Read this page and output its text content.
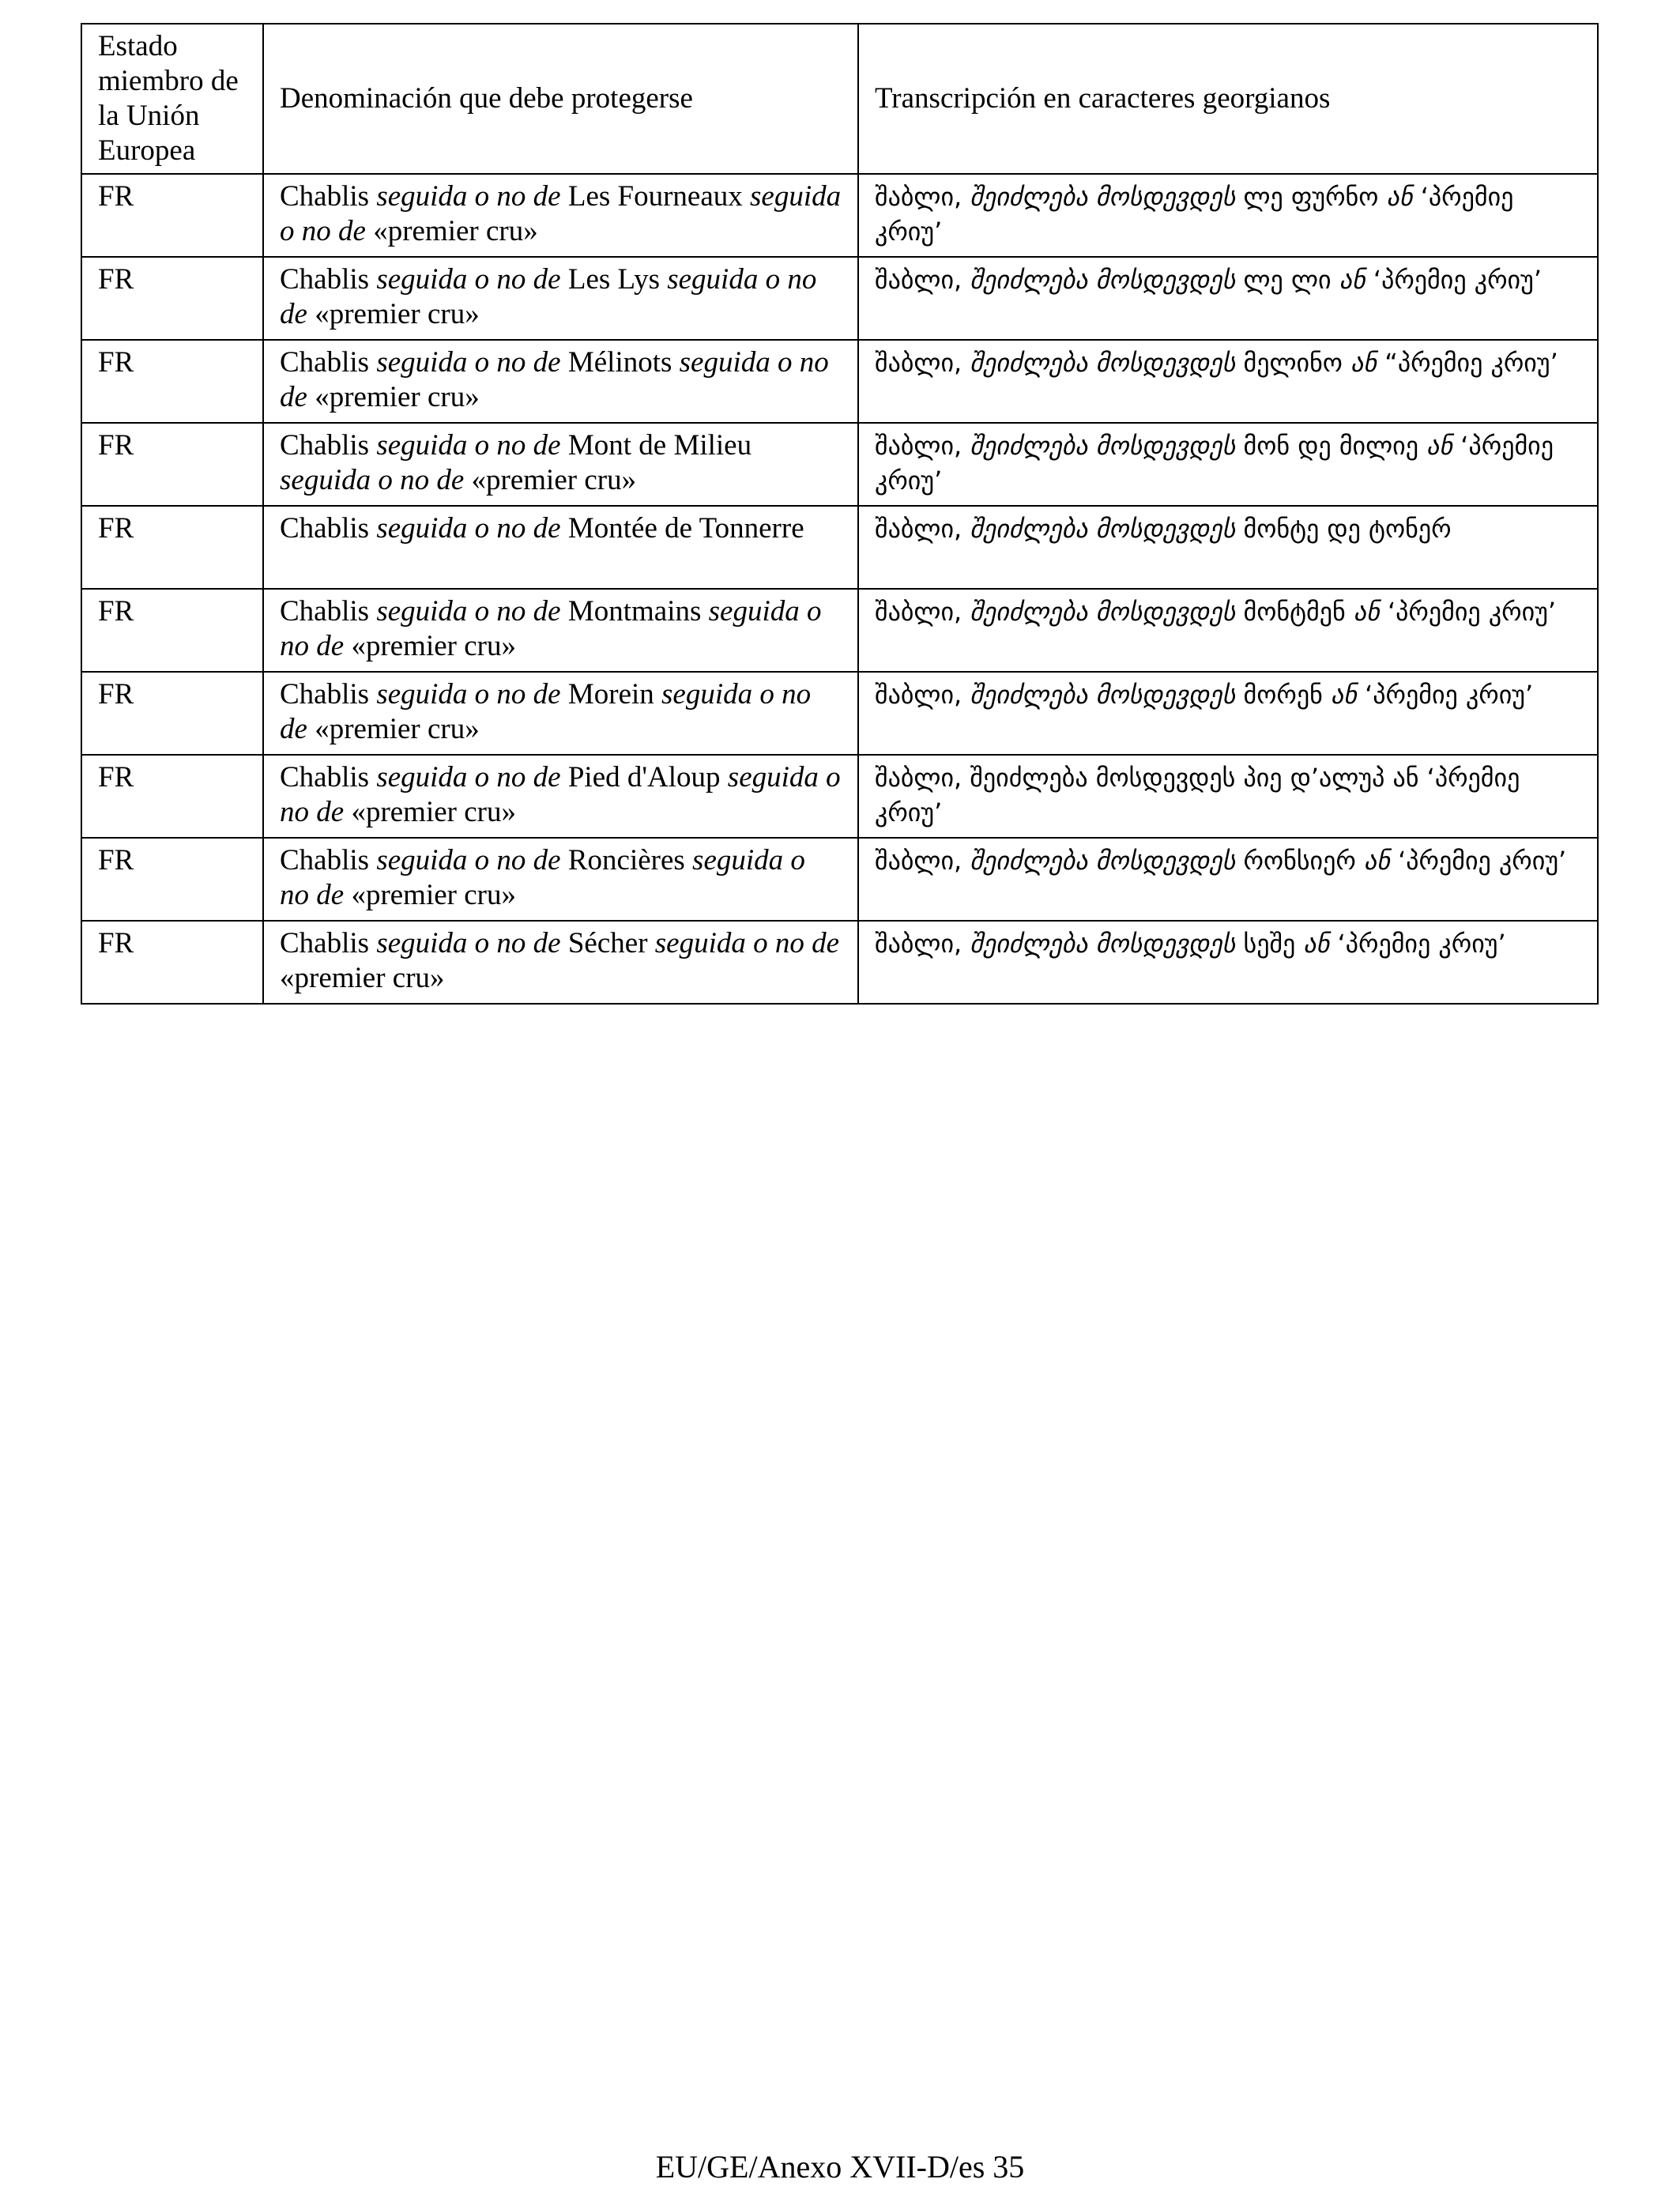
Estado miembro de la Unión Europea	Denominación que debe protegerse	Transcripción en caracteres georgianos
FR	Chablis seguida o no de Les Fourneaux seguida o no de «premier cru»	შაბლი, შეიძლება მოსდევდეს ლე ფურნო ან ‘პრემიე კრიუ’
FR	Chablis seguida o no de Les Lys seguida o no de «premier cru»	შაბლი, შეიძლება მოსდევდეს ლე ლი ან ‘პრემიე კრიუ’
FR	Chablis seguida o no de Mélinots seguida o no de «premier cru»	შაბლი, შეიძლება მოსდევდეს მელინო ან “პრემიე კრიუ’
FR	Chablis seguida o no de Mont de Milieu seguida o no de «premier cru»	შაბლი, შეიძლება მოსდევდეს მონ დე მილიე ან ‘პრემიე კრიუ’
FR	Chablis seguida o no de Montée de Tonnerre	შაბლი, შეიძლება მოსდევდეს მონტე დე ტონერ
FR	Chablis seguida o no de Montmains seguida o no de «premier cru»	შაბლი, შეიძლება მოსდევდეს მონტმენ ან ‘პრემიე კრიუ’
FR	Chablis seguida o no de Morein seguida o no de «premier cru»	შაბლი, შეიძლება მოსდევდეს მორენ ან ‘პრემიე კრიუ’
FR	Chablis seguida o no de Pied d'Aloup seguida o no de «premier cru»	შაბლი, შეიძლება მოსდევდეს პიე დ’ალუპ ან ‘პრემიე კრიუ’
FR	Chablis seguida o no de Roncières seguida o no de «premier cru»	შაბლი, შეიძლება მოსდევდეს რონსიერ ან ‘პრემიე კრიუ’
FR	Chablis seguida o no de Sécher seguida o no de «premier cru»	შაბლი, შეიძლება მოსდევდეს სეშე ან ‘პრემიე კრიუ’
EU/GE/Anexo XVII-D/es 35
